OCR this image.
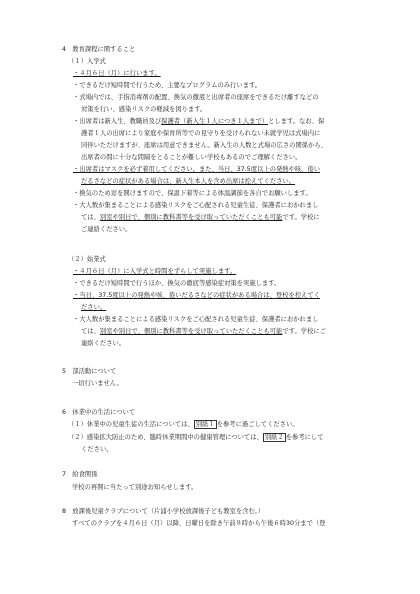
4　教育課程に関すること
（１）入学式
・４月６日（月）に行います。
・できるだけ短時間で行うため、主要なプログラムのみ行います。
・式場内では、手指消毒剤の配置、換気の徹底と出席者の座席をできるだけ離すなどの
対策を行い、感染リスクの軽減を図ります。
・出席者は新入生、教職員及び保護者（新入生１人につき１人まで）とします。なお、保
護者１人の出席により家庭や保育所等での見守りを受けられない未就学児は式場内に
同伴いただけますが、座席は用意できません。新入生の人数と式場の広さの関係から、
出席者の間に十分な間隔をとることが難しい学校もあるのでご理解ください。
・出席者はマスクを必ず着用してください。また、当日、37.5度以上の発熱や咳、倦い
だるさなどの症状がある場合は、新入生本人を含め出席は控えてください。
・換気のため窓を開けますので、保温下着等による体温調節を各自でお願いします。
・大人数が集まることによる感染リスクをご心配される児童生徒、保護者におかれまし
ては、別室や別日で、個別に教科書等を受け取っていただくことも可能です。学校に
ご連絡ください。
（２）始業式
・４月６日（月）に入学式と時間をずらして実施します。
・できるだけ短時間で行うほか、換気の徹底等感染症対策を実施します。
・当日、37.5度以上の発熱や咳、倦いだるさなどの症状がある場合は、登校を控えてく
ださい。
・大人数が集まることによる感染リスクをご心配される児童生徒、保護者におかれまし
ては、別室や別日で、個別に教科書等を受け取っていただくことも可能です。学校にご
連絡ください。
5　部活動について
一切行いません。
6　休業中の生活について
（１）休業中の児童生徒の生活については、 別紙１ を参考に過ごしてください。
（２）感染拡大防止のため、臨時休業期間中の健康管理については、 別紙２ を参考にして
ください。
7　給食関係
学校の再開に当たって別途お知らせします。
8　放課後児童クラブについて（片浦小学校放課後子ども教室を含む。）
すべてのクラブを４月６日（月）以降、日曜日を除き午前８時から午後６時30分まで（登
